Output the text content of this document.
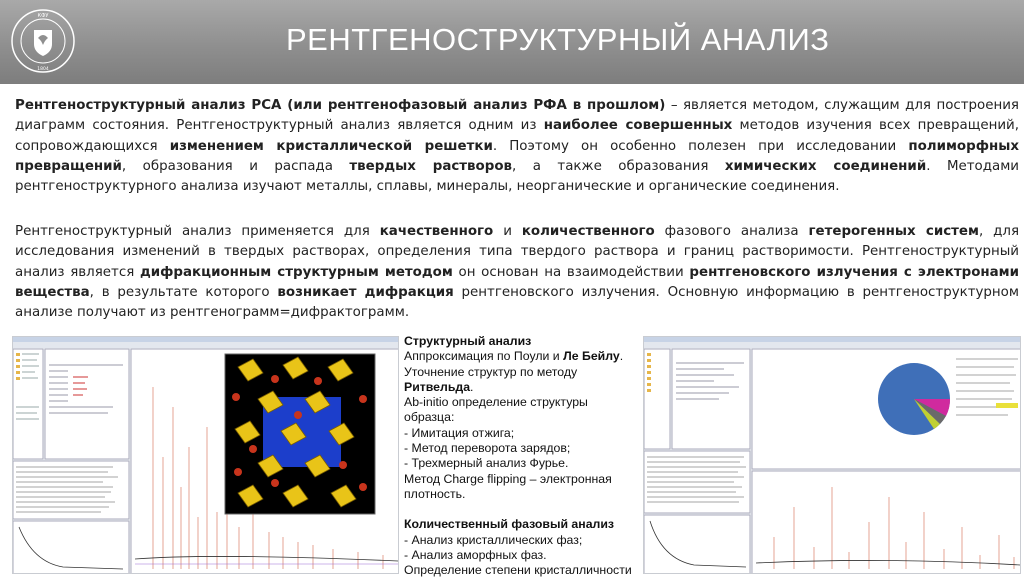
КФУ
1804
РЕНТГЕНОСТРУКТУРНЫЙ АНАЛИЗ

Рентгеноструктурный анализ РСА (или рентгенофазовый анализ РФА в прошлом) – является методом, служащим для построения диаграмм состояния. Рентгеноструктурный анализ является одним из наиболее совершенных методов изучения всех превращений, сопровождающихся изменением кристаллической решетки. Поэтому он особенно полезен при исследовании полиморфных превращений, образования и распада твердых растворов, а также образования химических соединений. Методами рентгеноструктурного анализа изучают металлы, сплавы, минералы, неорганические и органические соединения.

Рентгеноструктурный анализ применяется для качественного и количественного фазового анализа гетерогенных систем, для исследования изменений в твердых растворах, определения типа твердого раствора и границ растворимости. Рентгеноструктурный анализ является дифракционным структурным методом он основан на взаимодействии рентгеновского излучения с электронами вещества, в результате которого возникает дифракция рентгеновского излучения. Основную информацию в рентгеноструктурном анализе получают из рентгенограмм=дифрактограмм.

Структурный анализ
Аппроксимация по Поули и Ле Бейлу.
Уточнение структур по методу
Ритвельда.
Ab-initio определение структуры
образца:
- Имитация отжига;
- Метод переворота зарядов;
- Трехмерный анализ Фурье.
Метод Charge flipping – электронная
плотность.
Количественный фазовый анализ
- Анализ кристаллических фаз;
- Анализ аморфных фаз.
Определение степени кристалличности
